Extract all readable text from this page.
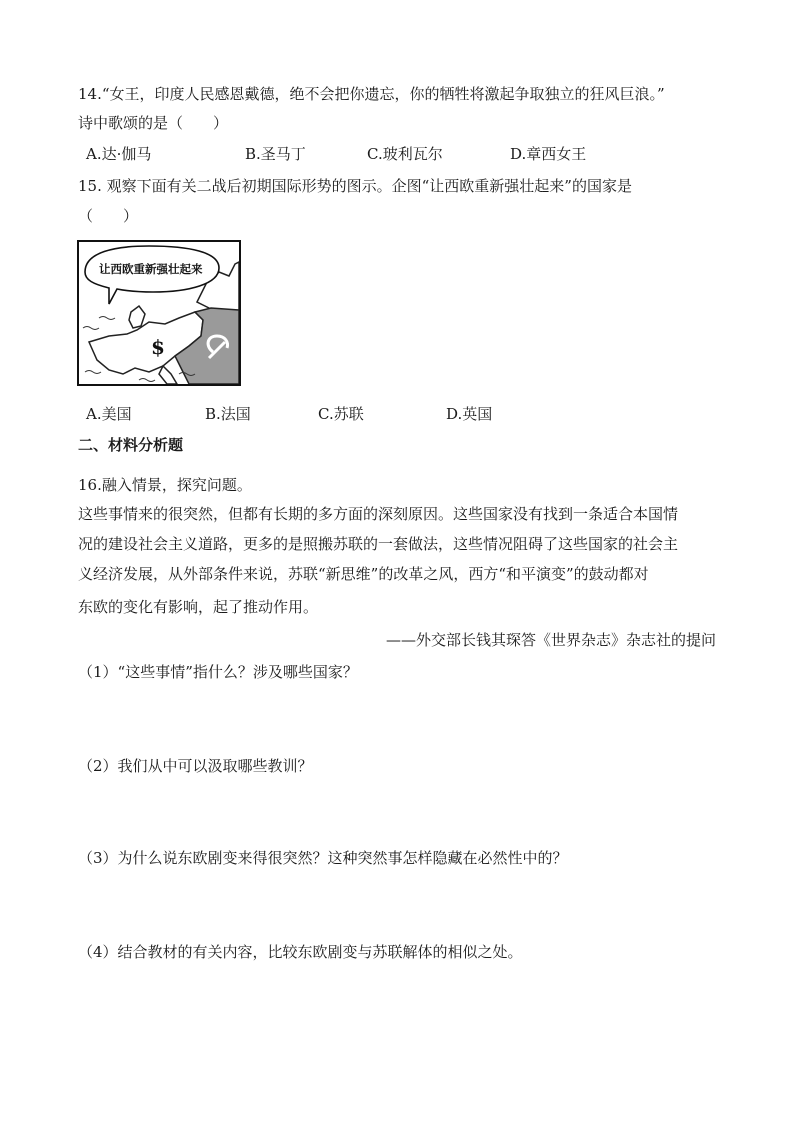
14.“女王，印度人民感恩戴德，绝不会把你遗忘，你的牺牲将激起争取独立的狂风巨浪。”
诗中歌颂的是（　　）
A.达·伽马	B.圣马丁	C.玻利瓦尔	D.章西女王
15. 观察下面有关二战后初期国际形势的图示。企图“让西欧重新强壮起来”的国家是
（　　）
$
让西欧重新强壮起来
A.美国	B.法国	C.苏联	D.英国
二、材料分析题
16.融入情景，探究问题。
这些事情来的很突然，但都有长期的多方面的深刻原因。这些国家没有找到一条适合本国情
况的建设社会主义道路，更多的是照搬苏联的一套做法，这些情况阻碍了这些国家的社会主
义经济发展，从外部条件来说，苏联“新思维”的改革之风，西方“和平演变”的鼓动都对
东欧的变化有影响，起了推动作用。
——外交部长钱其琛答《世界杂志》杂志社的提问
（1）“这些事情”指什么？涉及哪些国家？
（2）我们从中可以汲取哪些教训？
（3）为什么说东欧剧变来得很突然？这种突然事怎样隐藏在必然性中的？
（4）结合教材的有关内容，比较东欧剧变与苏联解体的相似之处。
